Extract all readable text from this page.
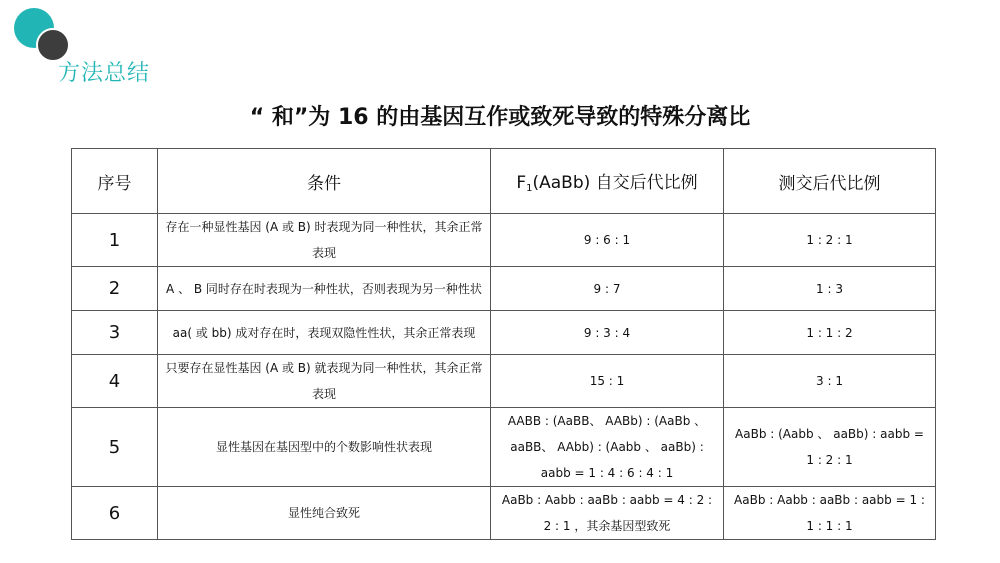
方法总结
“ 和”为 16 的由基因互作或致死导致的特殊分离比
序号	条件	$F_1(AaBb)$ 自交后代比例	测交后代比例
1	存在一种显性基因 (A 或 B) 时表现为同一种性状，其余正常表现	9 : 6 : 1	1 : 2 : 1
2	A 、 B 同时存在时表现为一种性状，否则表现为另一种性状	9 : 7	1 : 3
3	aa( 或 bb) 成对存在时，表现双隐性性状，其余正常表现	9 : 3 : 4	1 : 1 : 2
4	只要存在显性基因 (A 或 B) 就表现为同一种性状，其余正常表现	15 : 1	3 : 1
5	显性基因在基因型中的个数影响性状表现	AABB : (AaBB、 AABb) : (AaBb 、 aaBB、 AAbb) : (Aabb 、 aaBb) : aabb = 1 : 4 : 6 : 4 : 1	AaBb : (Aabb 、 aaBb) : aabb = 1 : 2 : 1
6	显性纯合致死	AaBb : Aabb : aaBb : aabb = 4 : 2 : 2 : 1 ，其余基因型致死	AaBb : Aabb : aaBb : aabb = 1 : 1 : 1 : 1
